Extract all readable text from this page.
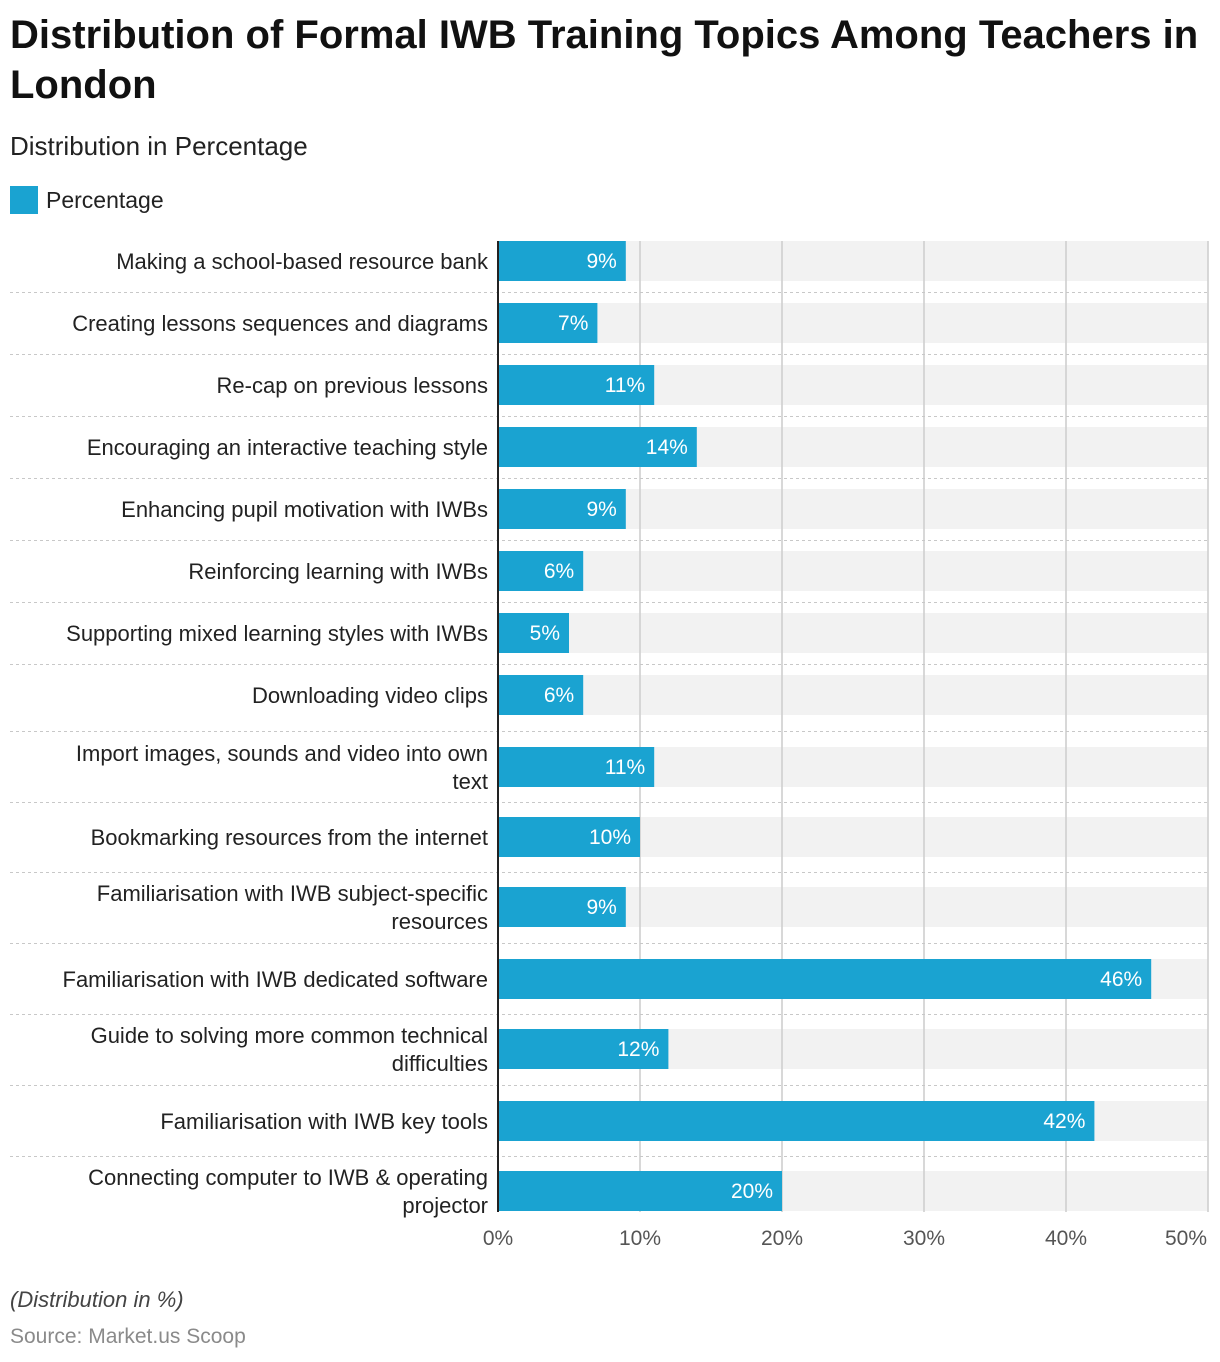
Distribution of Formal IWB Training Topics Among Teachers in London
Distribution in Percentage
Percentage
9%
7%
11%
14%
9%
6%
5%
6%
11%
10%
9%
46%
12%
42%
20%
Making a school-based resource bank
Creating lessons sequences and diagrams
Re-cap on previous lessons
Encouraging an interactive teaching style
Enhancing pupil motivation with IWBs
Reinforcing learning with IWBs
Supporting mixed learning styles with IWBs
Downloading video clips
Import images, sounds and video into own
text
Bookmarking resources from the internet
Familiarisation with IWB subject-specific
resources
Familiarisation with IWB dedicated software
Guide to solving more common technical
difficulties
Familiarisation with IWB key tools
Connecting computer to IWB & operating
projector
0%	10%	20%	30%	40%	50%
(Distribution in %)
Source: Market.us Scoop
